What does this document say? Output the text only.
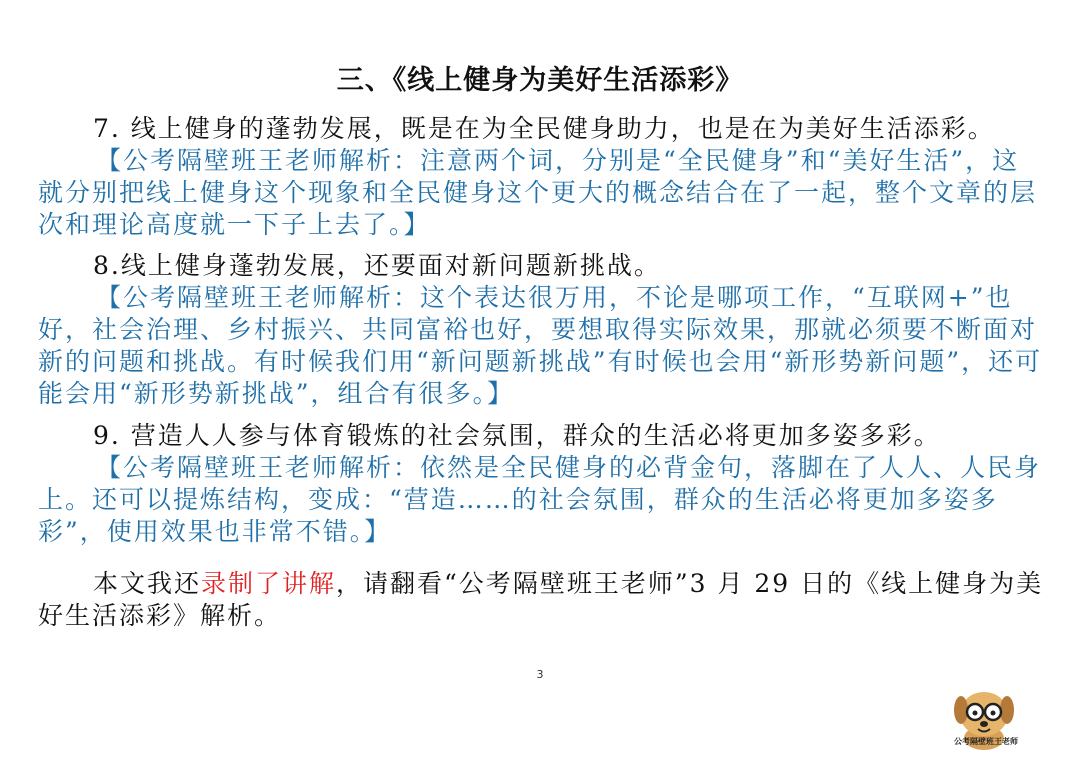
三、《线上健身为美好生活添彩》
7. 线上健身的蓬勃发展，既是在为全民健身助力，也是在为美好生活添彩。
【公考隔壁班王老师解析：注意两个词，分别是“全民健身”和“美好生活”，这就分别把线上健身这个现象和全民健身这个更大的概念结合在了一起，整个文章的层次和理论高度就一下子上去了。】
8.线上健身蓬勃发展，还要面对新问题新挑战。
【公考隔壁班王老师解析：这个表达很万用，不论是哪项工作，“互联网+”也好，社会治理、乡村振兴、共同富裕也好，要想取得实际效果，那就必须要不断面对新的问题和挑战。有时候我们用“新问题新挑战”有时候也会用“新形势新问题”，还可能会用“新形势新挑战”，组合有很多。】
9. 营造人人参与体育锻炼的社会氛围，群众的生活必将更加多姿多彩。
【公考隔壁班王老师解析：依然是全民健身的必背金句，落脚在了人人、人民身上。还可以提炼结构，变成：“营造……的社会氛围，群众的生活必将更加多姿多彩”，使用效果也非常不错。】
本文我还录制了讲解，请翻看“公考隔壁班王老师”3 月 29 日的《线上健身为美好生活添彩》解析。
3
公考隔壁班王老师
